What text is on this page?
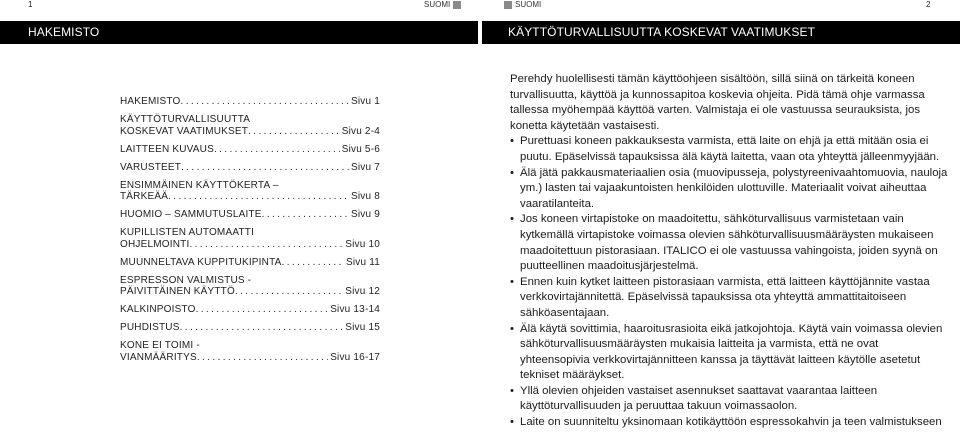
1	SUOMI	SUOMI	2
HAKEMISTO	KÄYTTÖTURVALLISUUTTA KOSKEVAT VAATIMUKSET
HAKEMISTO .....	Sivu 1
KÄYTTÖTURVALLISUUTTA
KOSKEVAT VAATIMUKSET .....	Sivu 2-4
LAITTEEN KUVAUS .....	Sivu 5-6
VARUSTEET .....	Sivu 7
ENSIMMÄINEN KÄYTTÖKERTA –
TÄRKEÄÄ .....	Sivu 8
HUOMIO – SAMMUTUSLAITE .....	Sivu 9
KUPILLISTEN AUTOMAATTI
OHJELMOINTI .....	Sivu 10
MUUNNELTAVA KUPPITUKIPINTA .....	Sivu 11
ESPRESSON VALMISTUS -
PÄIVITTÄINEN KÄYTTÖ .....	Sivu 12
KALKINPOISTO .....	Sivu 13-14
PUHDISTUS .....	Sivu 15
KONE EI TOIMI -
VIANMÄÄRITYS .....	Sivu 16-17

Perehdy huolellisesti tämän käyttöohjeen sisältöön, sillä siinä on tärkeitä koneen turvallisuutta, käyttöä ja kunnossapitoa koskevia ohjeita. Pidä tämä ohje varmassa tallessa myöhempää käyttöä varten. Valmistaja ei ole vastuussa seurauksista, jos konetta käytetään vastaisesti.

• Purettuasi koneen pakkauksesta varmista, että laite on ehjä ja että mitään osia ei puutu. Epäselvissä tapauksissa älä käytä laitetta, vaan ota yhteyttä jälleenmyyjään.
• Älä jätä pakkausmateriaalien osia (muovipusseja, polystyreenivaahtomuovia, nauloja ym.) lasten tai vajaakuntoisten henkilöiden ulottuville. Materiaalit voivat aiheuttaa vaaratilanteita.
• Jos koneen virtapistoke on maadoitettu, sähköturvallisuus varmistetaan vain kytkemällä virtapistoke voimassa olevien sähköturvallisuusmääräysten mukaiseen maadoitettuun pistorasiaan. ITALICO ei ole vastuussa vahingoista, joiden syynä on puutteellinen maadoitusjärjestelmä.
• Ennen kuin kytket laitteen pistorasiaan varmista, että laitteen käyttöjännite vastaa verkkovirtajännitettä. Epäselvissä tapauksissa ota yhteyttä ammattitaitoiseen sähköasentajaan.
• Älä käytä sovittimia, haaroitusrasioita eikä jatkojohtoja. Käytä vain voimassa olevien sähköturvallisuusmääräysten mukaisia laitteita ja varmista, että ne ovat yhteensopivia verkkovirtajännitteen kanssa ja täyttävät laitteen käytölle asetetut tekniset määräykset.
• Yllä olevien ohjeiden vastaiset asennukset saattavat vaarantaa laitteen käyttöturvallisuuden ja peruuttaa takuun voimassaolon.
• Laite on suunniteltu yksinomaan kotikäyttöön espressokahvin ja teen valmistukseen
